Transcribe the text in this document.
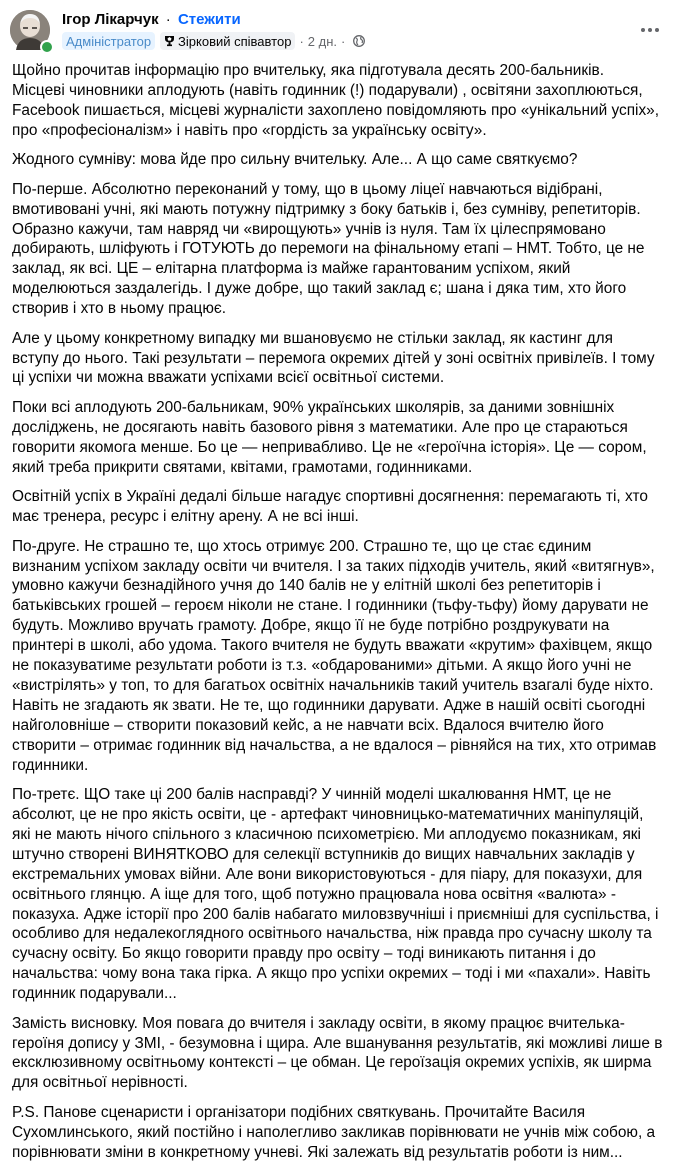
Ігор Лікарчук · Стежити
Адміністратор	Зірковий співавтор · 2 дн. ·

Щойно прочитав інформацію про вчительку, яка підготувала десять 200-бальників.
Місцеві чиновники аплодують (навіть годинник (!) подарували) , освітяни захоплюються,
Facebook пишається, місцеві журналісти захоплено повідомляють про «унікальний успіх»,
про «професіоналізм» і навіть про «гордість за українську освіту».

Жодного сумніву: мова йде про сильну вчительку. Але... А що саме святкуємо?

По-перше. Абсолютно переконаний у тому, що в цьому ліцеї навчаються відібрані,
вмотивовані учні, які мають потужну підтримку з боку батьків і, без сумніву, репетиторів.
Образно кажучи, там навряд чи «вирощують» учнів із нуля. Там їх цілеспрямовано
добирають, шліфують і ГОТУЮТЬ до перемоги на фінальному етапі – НМТ. Тобто, це не
заклад, як всі. ЦЕ – елітарна платформа із майже гарантованим успіхом, який
моделюються заздалегідь. І дуже добре, що такий заклад є; шана і дяка тим, хто його
створив і хто в ньому працює.

Але у цьому конкретному випадку ми вшановуємо не стільки заклад, як кастинг для
вступу до нього. Такі результати – перемога окремих дітей у зоні освітніх привілеїв. І тому
ці успіхи чи можна вважати успіхами всієї освітньої системи.

Поки всі аплодують 200-бальникам, 90% українських школярів, за даними зовнішніх
досліджень, не досягають навіть базового рівня з математики. Але про це стараються
говорити якомога менше. Бо це — непривабливо. Це не «героїчна історія». Це — сором,
який треба прикрити святами, квітами, грамотами, годинниками.

Освітній успіх в Україні дедалі більше нагадує спортивні досягнення: перемагають ті, хто
має тренера, ресурс і елітну арену. А не всі інші.

По-друге. Не страшно те, що хтось отримує 200. Страшно те, що це стає єдиним
визнаним успіхом закладу освіти чи вчителя. І за таких підходів учитель, який «витягнув»,
умовно кажучи безнадійного учня до 140 балів не у елітній школі без репетиторів і
батьківських грошей – героєм ніколи не стане. І годинники (тьфу-тьфу) йому дарувати не
будуть. Можливо вручать грамоту. Добре, якщо її не буде потрібно роздрукувати на
принтері в школі, або удома. Такого вчителя не будуть вважати «крутим» фахівцем, якщо
не показуватиме результати роботи із т.з. «обдарованими» дітьми. А якщо його учні не
«вистрілять» у топ, то для багатьох освітніх начальників такий учитель взагалі буде ніхто.
Навіть не згадають як звати. Не те, що годинники дарувати. Адже в нашій освіті сьогодні
найголовніше – створити показовий кейс, а не навчати всіх. Вдалося вчителю його
створити – отримає годинник від начальства, а не вдалося – рівняйся на тих, хто отримав
годинники.

По-третє. ЩО таке ці 200 балів насправді? У чинній моделі шкалювання НМТ, це не
абсолют, це не про якість освіти, це - артефакт чиновницько-математичних маніпуляцій,
які не мають нічого спільного з класичною психометрією. Ми аплодуємо показникам, які
штучно створені ВИНЯТКОВО для селекції вступників до вищих навчальних закладів у
екстремальних умовах війни. Але вони використовуються - для піару, для показухи, для
освітнього глянцю. А іще для того, щоб потужно працювала нова освітня «валюта» -
показуха. Адже історії про 200 балів набагато миловзвучніші і приємніші для суспільства, і
особливо для недалекоглядного освітнього начальства, ніж правда про сучасну школу та
сучасну освіту. Бо якщо говорити правду про освіту – тоді виникають питання і до
начальства: чому вона така гірка. А якщо про успіхи окремих – тоді і ми «пахали». Навіть
годинник подарували...

Замість висновку. Моя повага до вчителя і закладу освіти, в якому працює вчителька-
героїня допису у ЗМІ, - безумовна і щира. Але вшанування результатів, які можливі лише в
ексклюзивному освітньому контексті – це обман. Це героїзація окремих успіхів, як ширма
для освітньої нерівності.

P.S. Панове сценаристи і організатори подібних святкувань. Прочитайте Василя
Сухомлинського, який постійно і наполегливо закликав порівнювати не учнів між собою, а
порівнювати зміни в конкретному учневі. Які залежать від результатів роботи із ним...
